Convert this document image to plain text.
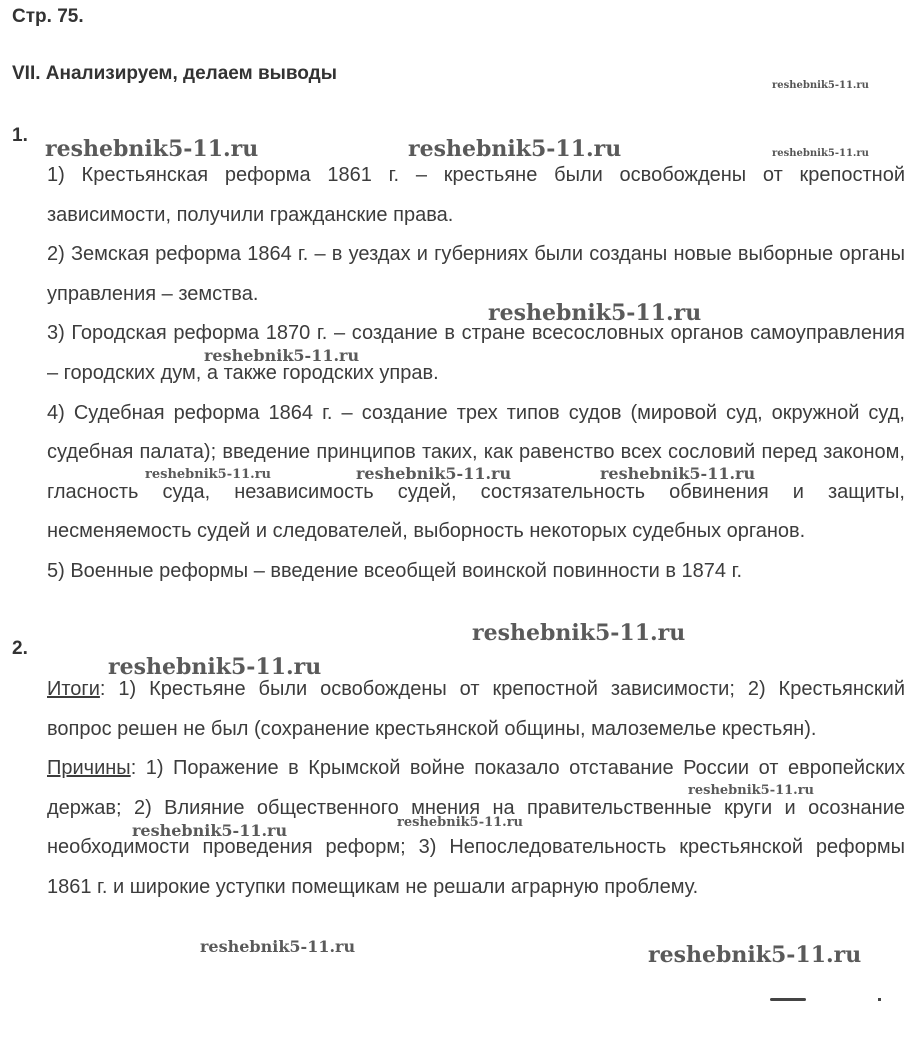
Стр. 75.
VII. Анализируем, делаем выводы
1.

1) Крестьянская реформа 1861 г. – крестьяне были освобождены от крепостной зависимости, получили гражданские права.

2) Земская реформа 1864 г. – в уездах и губерниях были созданы новые выборные органы управления – земства.

3) Городская реформа 1870 г. – создание в стране всесословных органов самоуправления – городских дум, а также городских управ.

4) Судебная реформа 1864 г. – создание трех типов судов (мировой суд, окружной суд, судебная палата); введение принципов таких, как равенство всех сословий перед законом, гласность суда, независимость судей, состязательность обвинения и защиты, несменяемость судей и следователей, выборность некоторых судебных органов.

5) Военные реформы – введение всеобщей воинской повинности в 1874 г.

2.

Итоги: 1) Крестьяне были освобождены от крепостной зависимости; 2) Крестьянский вопрос решен не был (сохранение крестьянской общины, малоземелье крестьян).

Причины: 1) Поражение в Крымской войне показало отставание России от европейских держав; 2) Влияние общественного мнения на правительственные круги и осознание необходимости проведения реформ; 3) Непоследовательность крестьянской реформы 1861 г. и широкие уступки помещикам не решали аграрную проблему.

reshebnik5-11.ru
reshebnik5-11.ru	reshebnik5-11.ru	reshebnik5-11.ru
reshebnik5-11.ru
reshebnik5-11.ru
reshebnik5-11.ru	reshebnik5-11.ru	reshebnik5-11.ru
reshebnik5-11.ru
reshebnik5-11.ru
reshebnik5-11.ru
reshebnik5-11.ru
reshebnik5-11.ru
reshebnik5-11.ru	reshebnik5-11.ru
